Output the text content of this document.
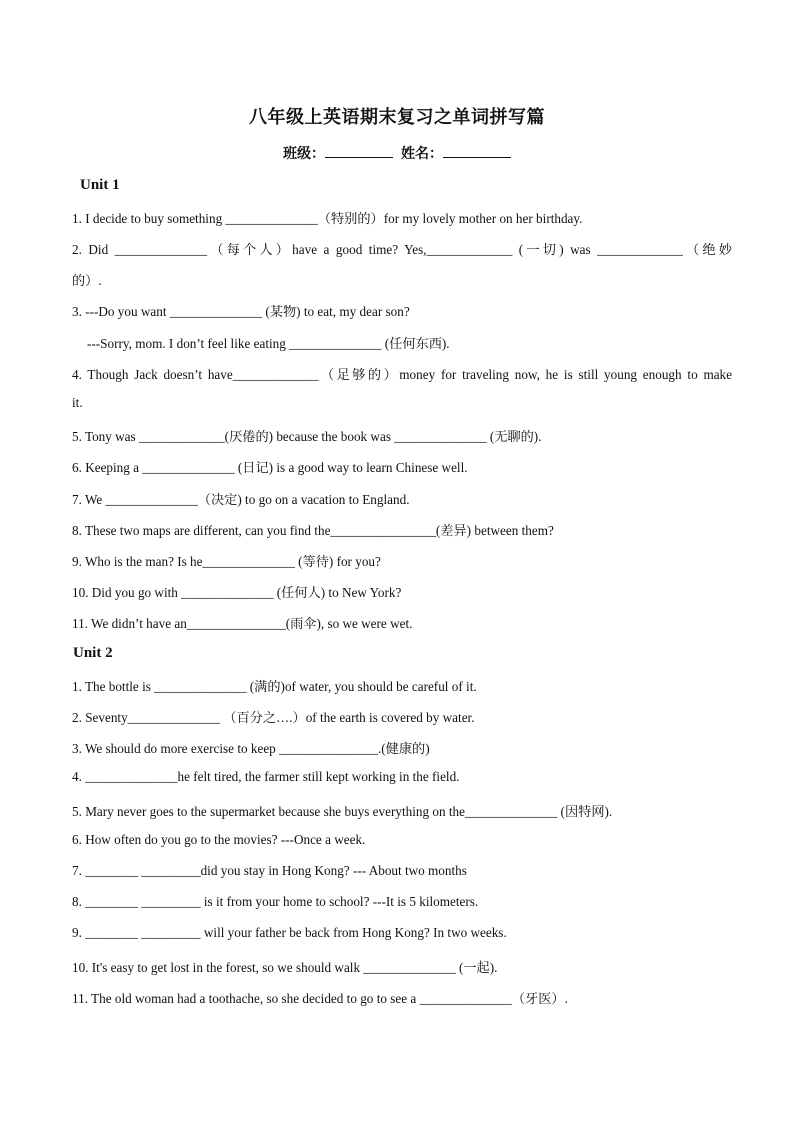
八年级上英语期末复习之单词拼写篇
班级：	姓名：
Unit 1
1. I decide to buy something ______________（特别的）for my lovely mother on her birthday.
2. Did ______________（每个人）have a good time? Yes,_____________ (一切) was _____________（绝妙
的）.
3. ---Do you want ______________ (某物) to eat, my dear son?
---Sorry, mom. I don’t feel like eating ______________ (任何东西).
4. Though Jack doesn’t have_____________（足够的）money for traveling now, he is still young enough to make
it.
5. Tony was _____________(厌倦的) because the book was ______________ (无聊的).
6. Keeping a ______________ (日记) is a good way to learn Chinese well.
7. We ______________（决定) to go on a vacation to England.
8. These two maps are different, can you find the________________(差异) between them?
9. Who is the man? Is he______________ (等待) for you?
10. Did you go with ______________ (任何人) to New York?
11. We didn’t have an_______________(雨伞), so we were wet.
Unit 2
1. The bottle is ______________ (满的)of water, you should be careful of it.
2. Seventy______________ （百分之….）of the earth is covered by water.
3. We should do more exercise to keep _______________.(健康的)
4. ______________he felt tired, the farmer still kept working in the field.
5. Mary never goes to the supermarket because she buys everything on the______________ (因特网).
6. How often do you go to the movies? ---Once a week.
7. ________ _________did you stay in Hong Kong? --- About two months
8. ________ _________ is it from your home to school? ---It is 5 kilometers.
9. ________ _________ will your father be back from Hong Kong? In two weeks.
10. It's easy to get lost in the forest, so we should walk ______________ (一起).
11. The old woman had a toothache, so she decided to go to see a ______________（牙医）.
